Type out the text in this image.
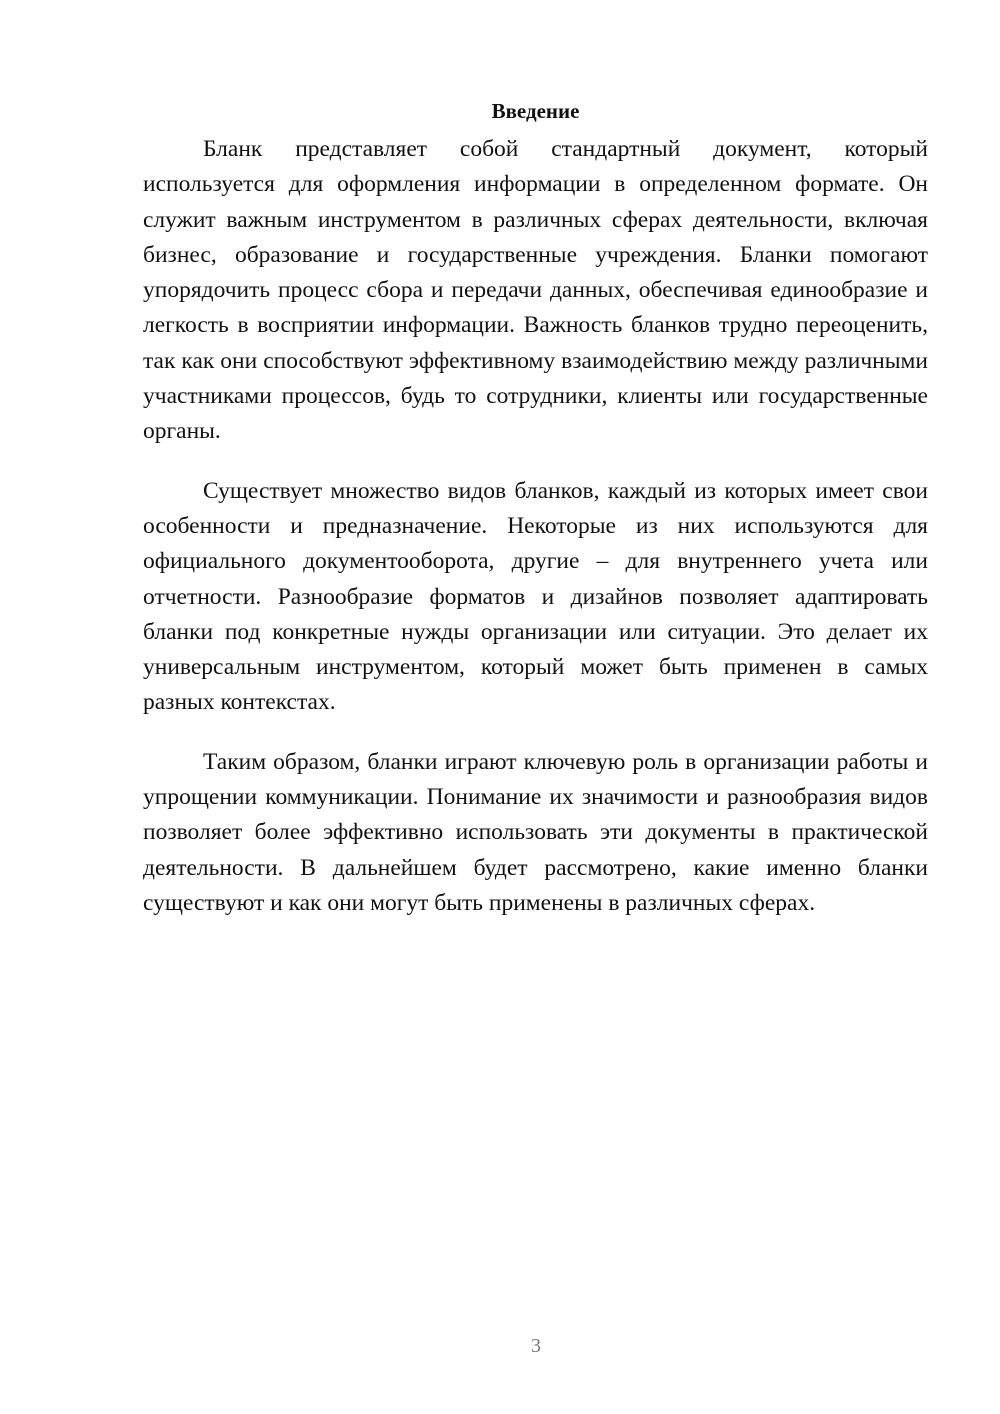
Введение

Бланк представляет собой стандартный документ, который используется для оформления информации в определенном формате. Он служит важным инструментом в различных сферах деятельности, включая бизнес, образование и государственные учреждения. Бланки помогают упорядочить процесс сбора и передачи данных, обеспечивая единообразие и легкость в восприятии информации. Важность бланков трудно переоценить, так как они способствуют эффективному взаимодействию между различными участниками процессов, будь то сотрудники, клиенты или государственные органы.

Существует множество видов бланков, каждый из которых имеет свои особенности и предназначение. Некоторые из них используются для официального документооборота, другие – для внутреннего учета или отчетности. Разнообразие форматов и дизайнов позволяет адаптировать бланки под конкретные нужды организации или ситуации. Это делает их универсальным инструментом, который может быть применен в самых разных контекстах.

Таким образом, бланки играют ключевую роль в организации работы и упрощении коммуникации. Понимание их значимости и разнообразия видов позволяет более эффективно использовать эти документы в практической деятельности. В дальнейшем будет рассмотрено, какие именно бланки существуют и как они могут быть применены в различных сферах.

3
